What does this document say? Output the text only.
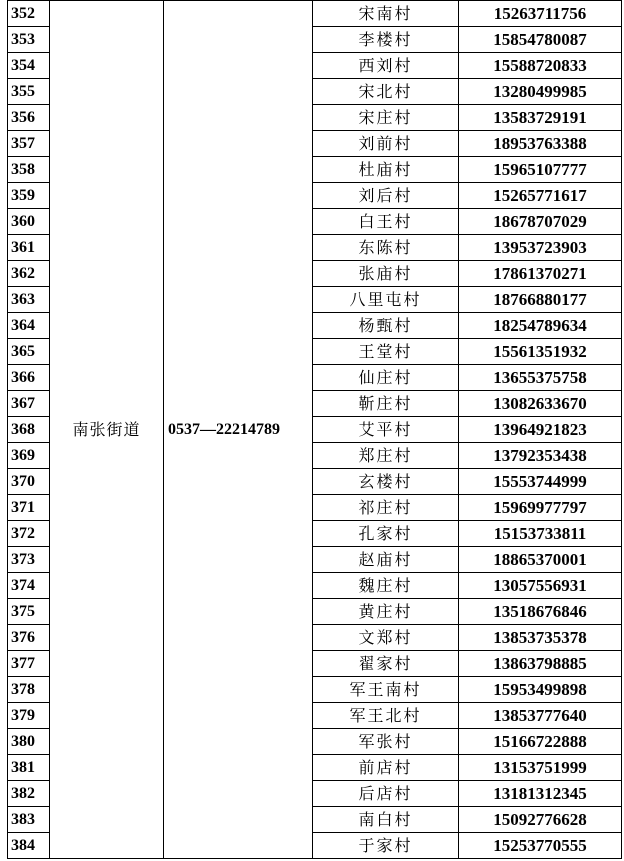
352	南张街道	0537—22214789	宋南村	15263711756
353			李楼村	15854780087
354			西刘村	15588720833
355			宋北村	13280499985
356			宋庄村	13583729191
357			刘前村	18953763388
358			杜庙村	15965107777
359			刘后村	15265771617
360			白王村	18678707029
361			东陈村	13953723903
362			张庙村	17861370271
363			八里屯村	18766880177
364			杨甄村	18254789634
365			王堂村	15561351932
366			仙庄村	13655375758
367			靳庄村	13082633670
368			艾平村	13964921823
369			郑庄村	13792353438
370			玄楼村	15553744999
371			祁庄村	15969977797
372			孔家村	15153733811
373			赵庙村	18865370001
374			魏庄村	13057556931
375			黄庄村	13518676846
376			文郑村	13853735378
377			翟家村	13863798885
378			军王南村	15953499898
379			军王北村	13853777640
380			军张村	15166722888
381			前店村	13153751999
382			后店村	13181312345
383			南白村	15092776628
384			于家村	15253770555
